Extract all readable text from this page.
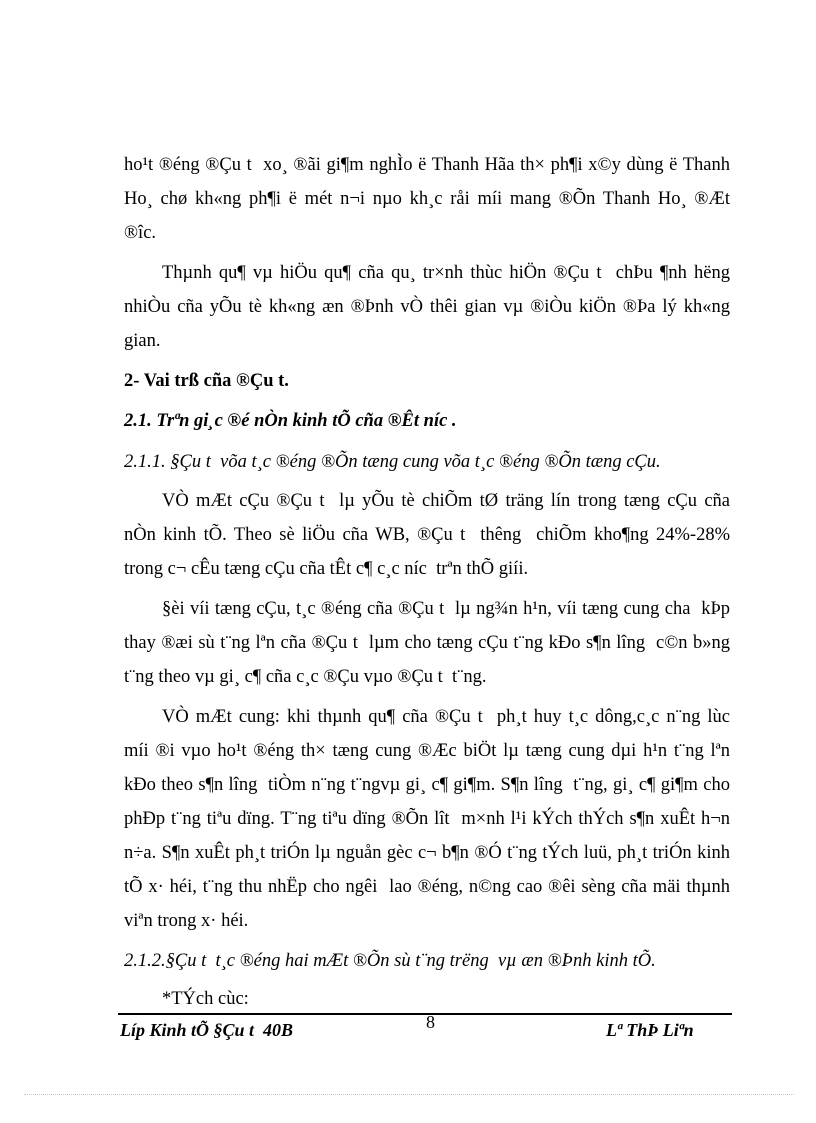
ho¹t ®éng ®Çu t  xo¸ ®ãi gi¶m nghÌo ë Thanh Hãa th× ph¶i x©y dùng ë Thanh
Ho¸ chø kh«ng ph¶i ë mét n¬i nµo kh¸c råi míi mang ®Õn Thanh Ho¸ ®Æt
®îc.
Thµnh qu¶ vµ hiÖu qu¶ cña qu¸ tr×nh thùc hiÖn ®Çu t  chÞu ¶nh hëng
nhiÒu cña yÕu tè kh«ng æn ®Þnh vÒ thêi gian vµ ®iÒu kiÖn ®Þa lý kh«ng
gian.
2- Vai trß cña ®Çu t.
2.1. Trªn gi¸c ®é nÒn kinh tÕ cña ®Êt níc .
2.1.1. §Çu t  võa t¸c ®éng ®Õn tæng cung võa t¸c ®éng ®Õn tæng cÇu.
VÒ mÆt cÇu ®Çu t  lµ yÕu tè chiÕm tØ träng lín trong tæng cÇu cña
nÒn kinh tÕ. Theo sè liÖu cña WB, ®Çu t  thêng  chiÕm kho¶ng 24%-28%
trong c¬ cÊu tæng cÇu cña tÊt c¶ c¸c níc  trªn thÕ giíi.
§èi víi tæng cÇu, t¸c ®éng cña ®Çu t  lµ ng¾n h¹n, víi tæng cung cha  kÞp
thay ®æi sù t¨ng lªn cña ®Çu t  lµm cho tæng cÇu t¨ng kÐo s¶n lîng  c©n b»ng
t¨ng theo vµ gi¸ c¶ cña c¸c ®Çu vµo ®Çu t  t¨ng.
VÒ mÆt cung: khi thµnh qu¶ cña ®Çu t  ph¸t huy t¸c dông,c¸c n¨ng lùc
míi ®i vµo ho¹t ®éng th× tæng cung ®Æc biÖt lµ tæng cung dµi h¹n t¨ng lªn
kÐo theo s¶n lîng  tiÒm n¨ng t¨ngvµ gi¸ c¶ gi¶m. S¶n lîng  t¨ng, gi¸ c¶ gi¶m cho
phÐp t¨ng tiªu dïng. T¨ng tiªu dïng ®Õn lît  m×nh l¹i kÝch thÝch s¶n xuÊt h¬n
n÷a. S¶n xuÊt ph¸t triÓn lµ nguån gèc c¬ b¶n ®Ó t¨ng tÝch luü, ph¸t triÓn kinh
tÕ x· héi, t¨ng thu nhËp cho ngêi  lao ®éng, n©ng cao ®êi sèng cña mäi thµnh
viªn trong x· héi.
2.1.2.§Çu t  t¸c ®éng hai mÆt ®Õn sù t¨ng trëng  vµ æn ®Þnh kinh tÕ.
*TÝch cùc:
Líp Kinh tÕ §Çu t  40B	8	Lª ThÞ Liªn
